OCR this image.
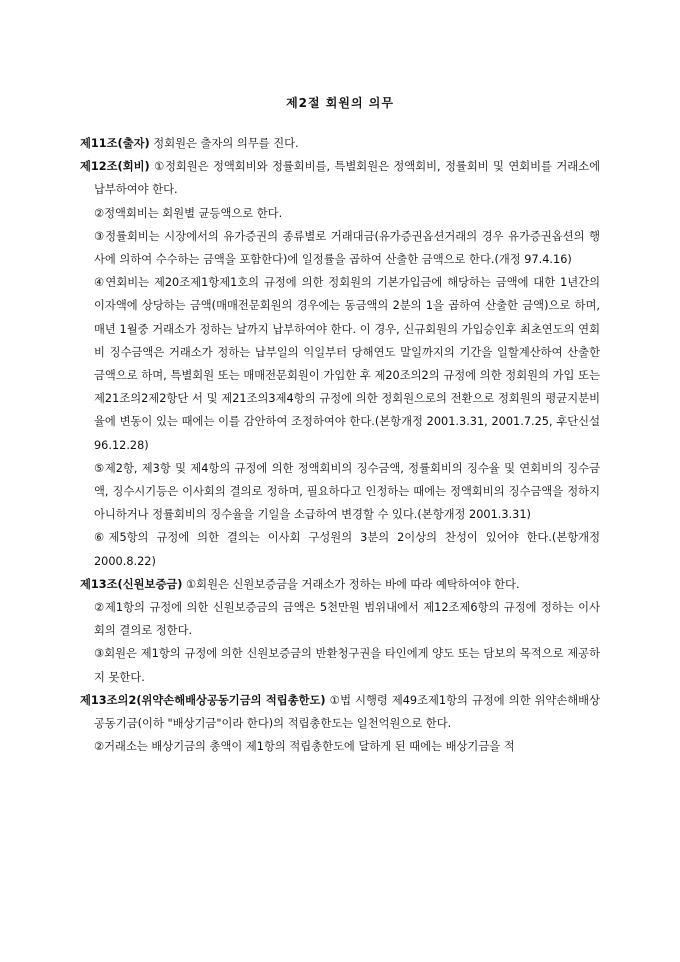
제2절 회원의 의무
제11조(출자) 정회원은 출자의 의무를 진다.
제12조(회비) ①정회원은 정액회비와 정률회비를, 특별회원은 정액회비, 정률회비 및 연회비를 거래소에 납부하여야 한다.

②정액회비는 회원별 균등액으로 한다.

③정률회비는 시장에서의 유가증권의 종류별로 거래대금(유가증권옵션거래의 경우 유가증권옵션의 행사에 의하여 수수하는 금액을 포함한다)에 일정률을 곱하여 산출한 금액으로 한다.(개정 97.4.16)

④연회비는 제20조제1항제1호의 규정에 의한 정회원의 기본가입금에 해당하는 금액에 대한 1년간의 이자액에 상당하는 금액(매매전문회원의 경우에는 동금액의 2분의 1을 곱하여 산출한 금액)으로 하며, 매년 1월중 거래소가 정하는 날까지 납부하여야 한다. 이 경우, 신규회원의 가입승인후 최초연도의 연회비 징수금액은 거래소가 정하는 납부일의 익일부터 당해연도 말일까지의 기간을 일할계산하여 산출한 금액으로 하며, 특별회원 또는 매매전문회원이 가입한 후 제20조의2의 규정에 의한 정회원의 가입 또는 제21조의2제2항단 서 및 제21조의3제4항의 규정에 의한 정회원으로의 전환으로 정회원의 평균지분비율에 변동이 있는 때에는 이를 감안하여 조정하여야 한다.(본항개정 2001.3.31, 2001.7.25, 후단신설 96.12.28)

⑤제2항, 제3항 및 제4항의 규정에 의한 정액회비의 징수금액, 정률회비의 징수율 및 연회비의 징수금액, 징수시기등은 이사회의 결의로 정하며, 필요하다고 인정하는 때에는 정액회비의 징수금액을 정하지 아니하거나 정률회비의 징수율을 기일을 소급하여 변경할 수 있다.(본항개정 2001.3.31)

⑥제5항의 규정에 의한 결의는 이사회 구성원의 3분의 2이상의 찬성이 있어야 한다.(본항개정 2000.8.22)

제13조(신원보증금) ①회원은 신원보증금을 거래소가 정하는 바에 따라 예탁하여야 한다.

②제1항의 규정에 의한 신원보증금의 금액은 5천만원 범위내에서 제12조제6항의 규정에 정하는 이사회의 결의로 정한다.

③회원은 제1항의 규정에 의한 신원보증금의 반환청구권을 타인에게 양도 또는 담보의 목적으로 제공하지 못한다.

제13조의2(위약손해배상공동기금의 적립총한도) ①법 시행령 제49조제1항의 규정에 의한 위약손해배상공동기금(이하 "배상기금"이라 한다)의 적립총한도는 일천억원으로 한다.

②거래소는 배상기금의 총액이 제1항의 적립총한도에 달하게 된 때에는 배상기금을 적
